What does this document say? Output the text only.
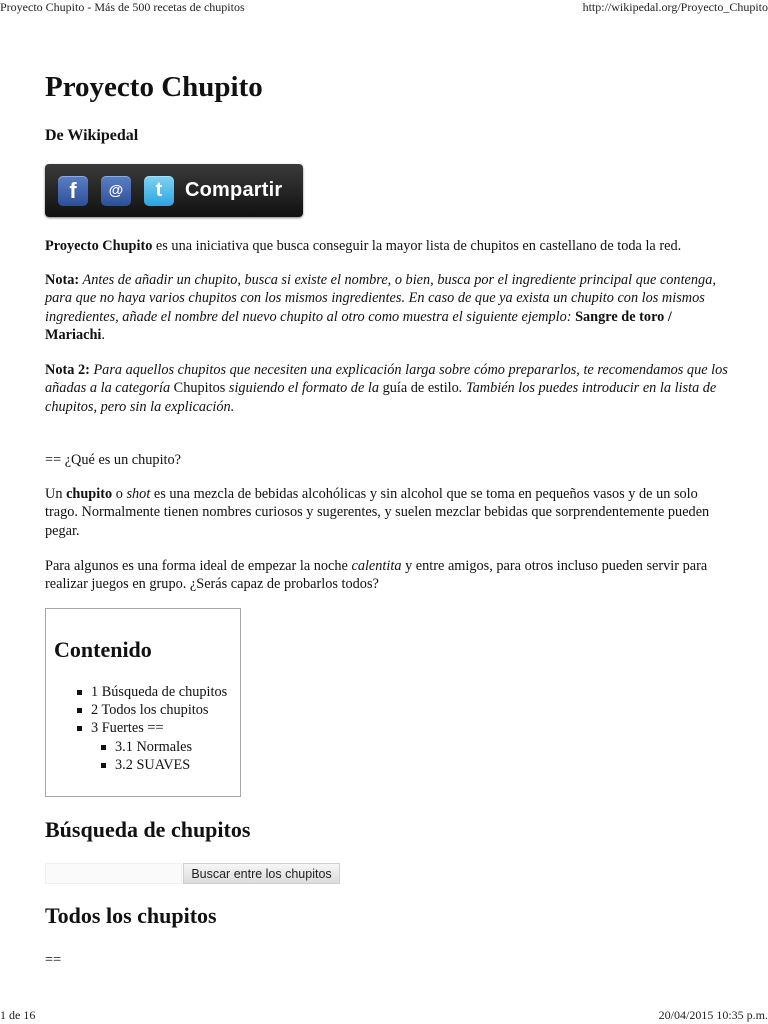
Proyecto Chupito - Más de 500 recetas de chupitos	http://wikipedal.org/Proyecto_Chupito
Proyecto Chupito
De Wikipedal
f	@	t	Compartir

Proyecto Chupito es una iniciativa que busca conseguir la mayor lista de chupitos en castellano de toda la red.

Nota: Antes de añadir un chupito, busca si existe el nombre, o bien, busca por el ingrediente principal que contenga, para que no haya varios chupitos con los mismos ingredientes. En caso de que ya exista un chupito con los mismos ingredientes, añade el nombre del nuevo chupito al otro como muestra el siguiente ejemplo: Sangre de toro / Mariachi.

Nota 2: Para aquellos chupitos que necesiten una explicación larga sobre cómo prepararlos, te recomendamos que los añadas a la categoría Chupitos siguiendo el formato de la guía de estilo. También los puedes introducir en la lista de chupitos, pero sin la explicación.

== ¿Qué es un chupito?

Un chupito o shot es una mezcla de bebidas alcohólicas y sin alcohol que se toma en pequeños vasos y de un solo trago. Normalmente tienen nombres curiosos y sugerentes, y suelen mezclar bebidas que sorprendentemente pueden pegar.

Para algunos es una forma ideal de empezar la noche calentita y entre amigos, para otros incluso pueden servir para realizar juegos en grupo. ¿Serás capaz de probarlos todos?

Contenido
1 Búsqueda de chupitos
2 Todos los chupitos
3 Fuertes ==
3.1 Normales
3.2 SUAVES
Búsqueda de chupitos
Buscar entre los chupitos
Todos los chupitos
==
1 de 16	20/04/2015 10:35 p.m.
